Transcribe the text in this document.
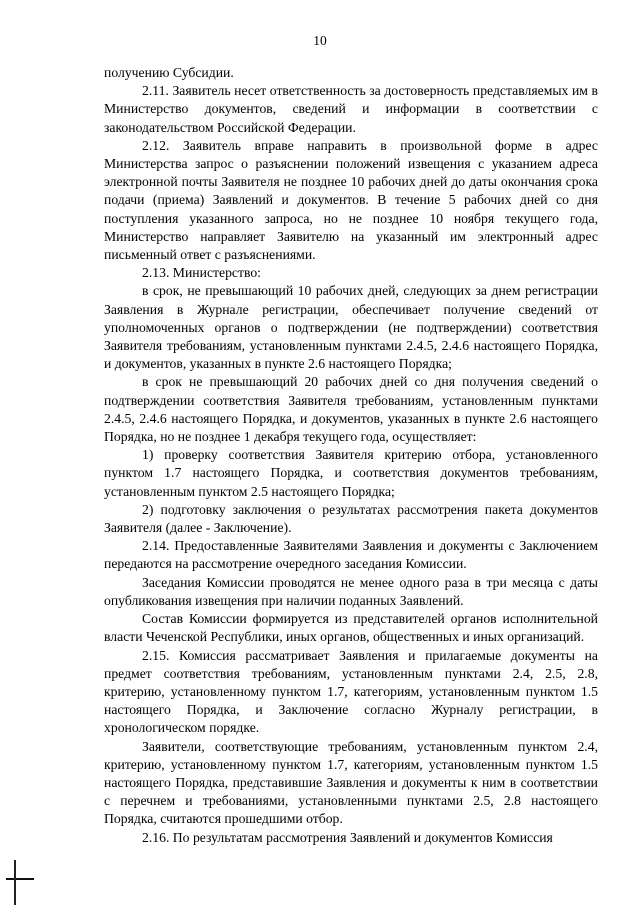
10

получению Субсидии.

2.11. Заявитель несет ответственность за достоверность представляемых им в Министерство документов, сведений и информации в соответствии с законодательством Российской Федерации.

2.12. Заявитель вправе направить в произвольной форме в адрес Министерства запрос о разъяснении положений извещения с указанием адреса электронной почты Заявителя не позднее 10 рабочих дней до даты окончания срока подачи (приема) Заявлений и документов. В течение 5 рабочих дней со дня поступления указанного запроса, но не позднее 10 ноября текущего года, Министерство направляет Заявителю на указанный им электронный адрес письменный ответ с разъяснениями.

2.13. Министерство:

в срок, не превышающий 10 рабочих дней, следующих за днем регистрации Заявления в Журнале регистрации, обеспечивает получение сведений от уполномоченных органов о подтверждении (не подтверждении) соответствия Заявителя требованиям, установленным пунктами 2.4.5, 2.4.6 настоящего Порядка, и документов, указанных в пункте 2.6 настоящего Порядка;

в срок не превышающий 20 рабочих дней со дня получения сведений о подтверждении соответствия Заявителя требованиям, установленным пунктами 2.4.5, 2.4.6 настоящего Порядка, и документов, указанных в пункте 2.6 настоящего Порядка, но не позднее 1 декабря текущего года, осуществляет:

1) проверку соответствия Заявителя критерию отбора, установленного пунктом 1.7 настоящего Порядка, и соответствия документов требованиям, установленным пунктом 2.5 настоящего Порядка;

2) подготовку заключения о результатах рассмотрения пакета документов Заявителя (далее - Заключение).

2.14. Предоставленные Заявителями Заявления и документы с Заключением передаются на рассмотрение очередного заседания Комиссии.

Заседания Комиссии проводятся не менее одного раза в три месяца с даты опубликования извещения при наличии поданных Заявлений.

Состав Комиссии формируется из представителей органов исполнительной власти Чеченской Республики, иных органов, общественных и иных организаций.

2.15. Комиссия рассматривает Заявления и прилагаемые документы на предмет соответствия требованиям, установленным пунктами 2.4, 2.5, 2.8, критерию, установленному пунктом 1.7, категориям, установленным пунктом 1.5 настоящего Порядка, и Заключение согласно Журналу регистрации, в хронологическом порядке.

Заявители, соответствующие требованиям, установленным пунктом 2.4, критерию, установленному пунктом 1.7, категориям, установленным пунктом 1.5 настоящего Порядка, представившие Заявления и документы к ним в соответствии с перечнем и требованиями, установленными пунктами 2.5, 2.8 настоящего Порядка, считаются прошедшими отбор.

2.16. По результатам рассмотрения Заявлений и документов Комиссия
